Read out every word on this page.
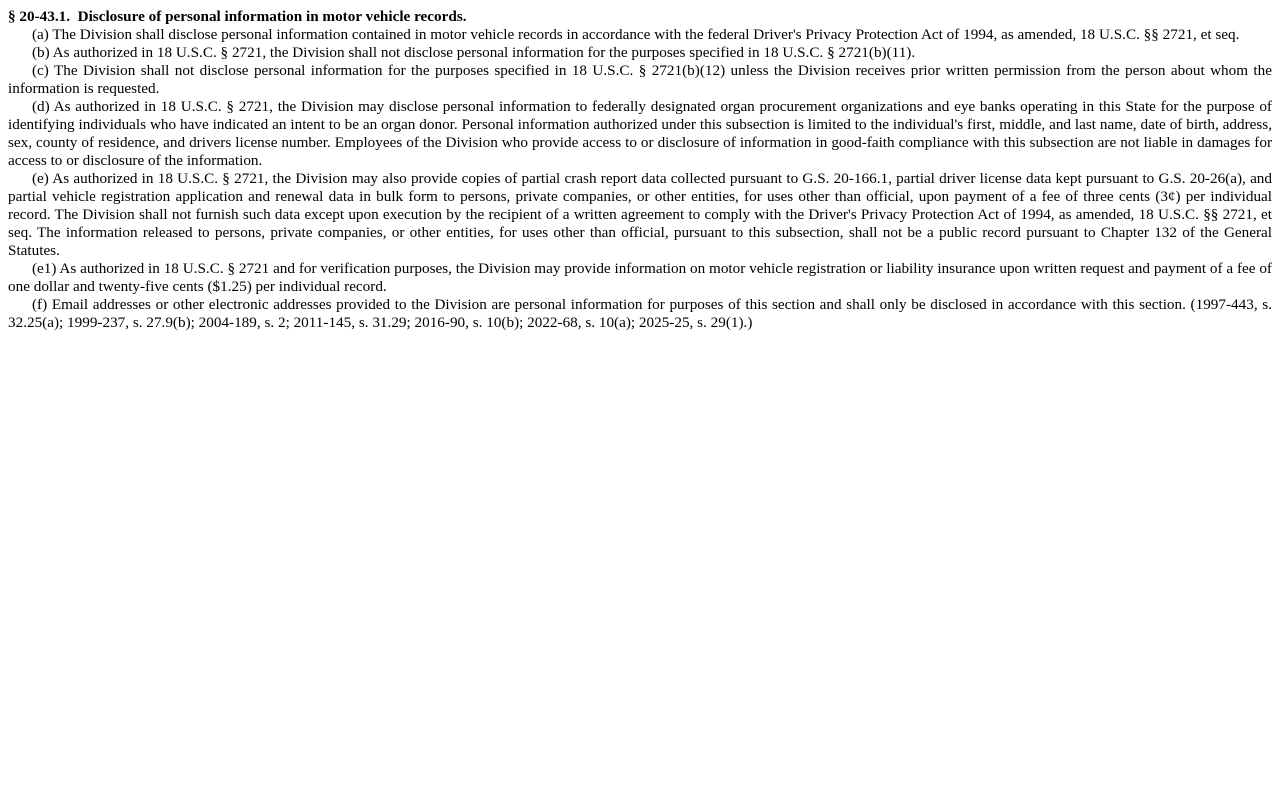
§ 20-43.1.  Disclosure of personal information in motor vehicle records.

(a) The Division shall disclose personal information contained in motor vehicle records in accordance with the federal Driver's Privacy Protection Act of 1994, as amended, 18 U.S.C. §§ 2721, et seq.

(b) As authorized in 18 U.S.C. § 2721, the Division shall not disclose personal information for the purposes specified in 18 U.S.C. § 2721(b)(11).

(c) The Division shall not disclose personal information for the purposes specified in 18 U.S.C. § 2721(b)(12) unless the Division receives prior written permission from the person about whom the information is requested.

(d) As authorized in 18 U.S.C. § 2721, the Division may disclose personal information to federally designated organ procurement organizations and eye banks operating in this State for the purpose of identifying individuals who have indicated an intent to be an organ donor. Personal information authorized under this subsection is limited to the individual's first, middle, and last name, date of birth, address, sex, county of residence, and drivers license number. Employees of the Division who provide access to or disclosure of information in good-faith compliance with this subsection are not liable in damages for access to or disclosure of the information.

(e) As authorized in 18 U.S.C. § 2721, the Division may also provide copies of partial crash report data collected pursuant to G.S. 20-166.1, partial driver license data kept pursuant to G.S. 20-26(a), and partial vehicle registration application and renewal data in bulk form to persons, private companies, or other entities, for uses other than official, upon payment of a fee of three cents (3¢) per individual record. The Division shall not furnish such data except upon execution by the recipient of a written agreement to comply with the Driver's Privacy Protection Act of 1994, as amended, 18 U.S.C. §§ 2721, et seq. The information released to persons, private companies, or other entities, for uses other than official, pursuant to this subsection, shall not be a public record pursuant to Chapter 132 of the General Statutes.

(e1) As authorized in 18 U.S.C. § 2721 and for verification purposes, the Division may provide information on motor vehicle registration or liability insurance upon written request and payment of a fee of one dollar and twenty-five cents ($1.25) per individual record.

(f) Email addresses or other electronic addresses provided to the Division are personal information for purposes of this section and shall only be disclosed in accordance with this section. (1997-443, s. 32.25(a); 1999-237, s. 27.9(b); 2004-189, s. 2; 2011-145, s. 31.29; 2016-90, s. 10(b); 2022-68, s. 10(a); 2025-25, s. 29(1).)
